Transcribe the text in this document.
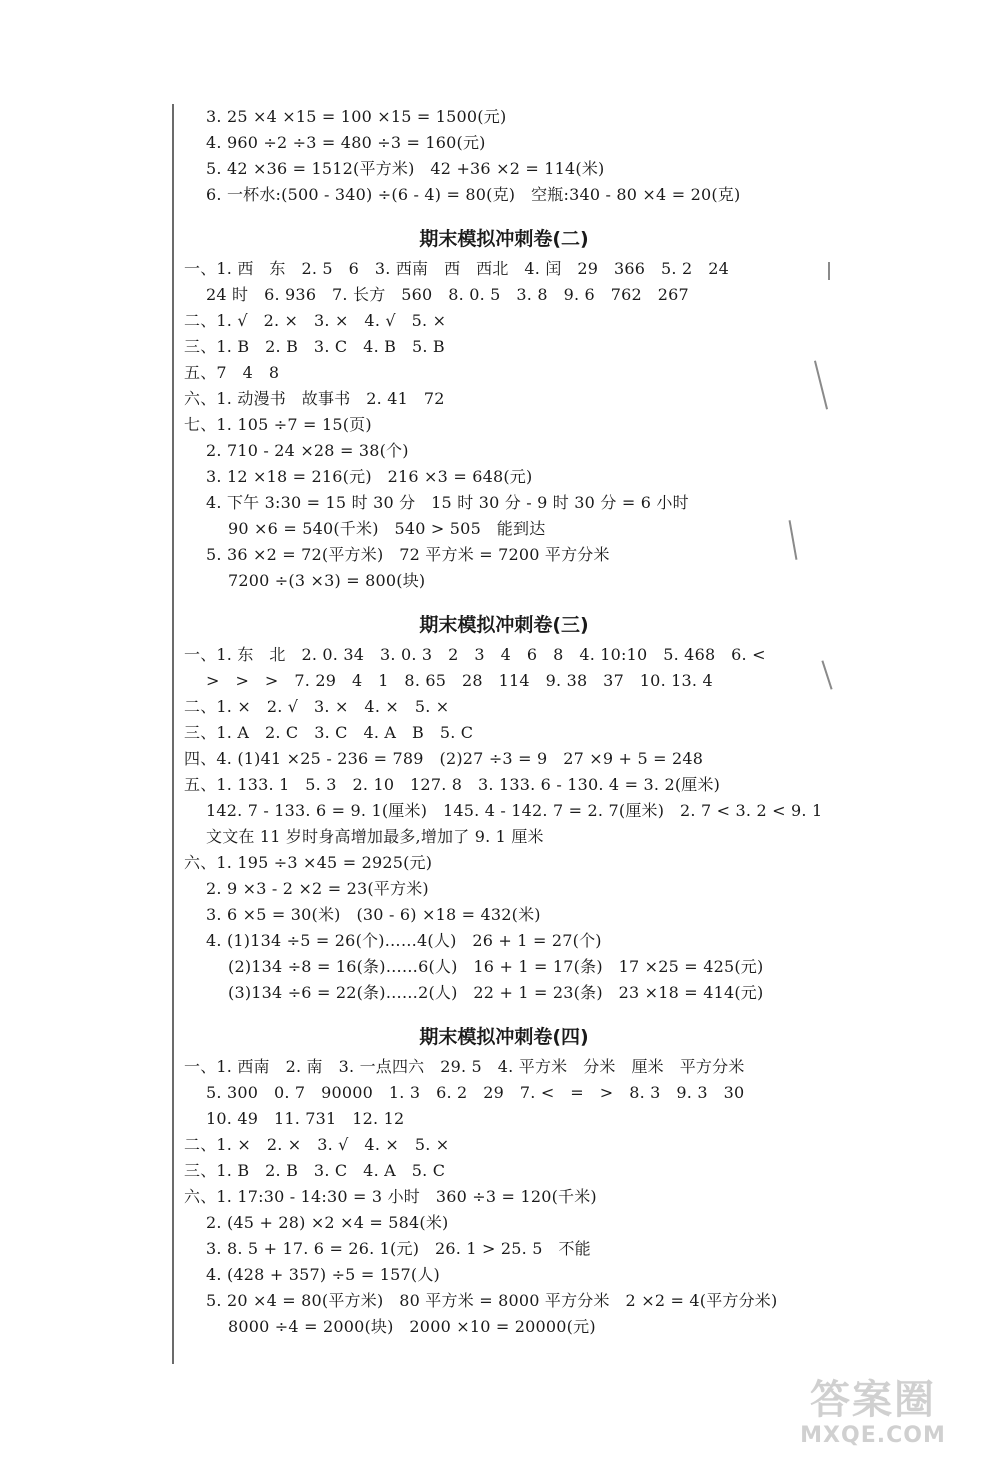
3. 25 ×4 ×15 = 100 ×15 = 1500(元)
4. 960 ÷2 ÷3 = 480 ÷3 = 160(元)
5. 42 ×36 = 1512(平方米)   42 +36 ×2 = 114(米)
6. 一杯水:(500 - 340) ÷(6 - 4) = 80(克)   空瓶:340 - 80 ×4 = 20(克)
期末模拟冲刺卷(二)
一、1. 西   东   2. 5   6   3. 西南   西   西北   4. 闰   29   366   5. 2   24
24 时   6. 936   7. 长方   560   8. 0. 5   3. 8   9. 6   762   267
二、1. √   2. ×   3. ×   4. √   5. ×
三、1. B   2. B   3. C   4. B   5. B
五、7   4   8
六、1. 动漫书   故事书   2. 41   72
七、1. 105 ÷7 = 15(页)
2. 710 - 24 ×28 = 38(个)
3. 12 ×18 = 216(元)   216 ×3 = 648(元)
4. 下午 3:30 = 15 时 30 分   15 时 30 分 - 9 时 30 分 = 6 小时
90 ×6 = 540(千米)   540 > 505   能到达
5. 36 ×2 = 72(平方米)   72 平方米 = 7200 平方分米
7200 ÷(3 ×3) = 800(块)
期末模拟冲刺卷(三)
一、1. 东   北   2. 0. 34   3. 0. 3   2   3   4   6   8   4. 10:10   5. 468   6. <
>   >   >   7. 29   4   1   8. 65   28   114   9. 38   37   10. 13. 4
二、1. ×   2. √   3. ×   4. ×   5. ×
三、1. A   2. C   3. C   4. A   B   5. C
四、4. (1)41 ×25 - 236 = 789   (2)27 ÷3 = 9   27 ×9 + 5 = 248
五、1. 133. 1   5. 3   2. 10   127. 8   3. 133. 6 - 130. 4 = 3. 2(厘米)
142. 7 - 133. 6 = 9. 1(厘米)   145. 4 - 142. 7 = 2. 7(厘米)   2. 7 < 3. 2 < 9. 1
文文在 11 岁时身高增加最多,增加了 9. 1 厘米
六、1. 195 ÷3 ×45 = 2925(元)
2. 9 ×3 - 2 ×2 = 23(平方米)
3. 6 ×5 = 30(米)   (30 - 6) ×18 = 432(米)
4. (1)134 ÷5 = 26(个)……4(人)   26 + 1 = 27(个)
(2)134 ÷8 = 16(条)……6(人)   16 + 1 = 17(条)   17 ×25 = 425(元)
(3)134 ÷6 = 22(条)……2(人)   22 + 1 = 23(条)   23 ×18 = 414(元)
期末模拟冲刺卷(四)
一、1. 西南   2. 南   3. 一点四六   29. 5   4. 平方米   分米   厘米   平方分米
5. 300   0. 7   90000   1. 3   6. 2   29   7. <   =   >   8. 3   9. 3   30
10. 49   11. 731   12. 12
二、1. ×   2. ×   3. √   4. ×   5. ×
三、1. B   2. B   3. C   4. A   5. C
六、1. 17:30 - 14:30 = 3 小时   360 ÷3 = 120(千米)
2. (45 + 28) ×2 ×4 = 584(米)
3. 8. 5 + 17. 6 = 26. 1(元)   26. 1 > 25. 5   不能
4. (428 + 357) ÷5 = 157(人)
5. 20 ×4 = 80(平方米)   80 平方米 = 8000 平方分米   2 ×2 = 4(平方分米)
8000 ÷4 = 2000(块)   2000 ×10 = 20000(元)
答案圈
MXQE.COM
